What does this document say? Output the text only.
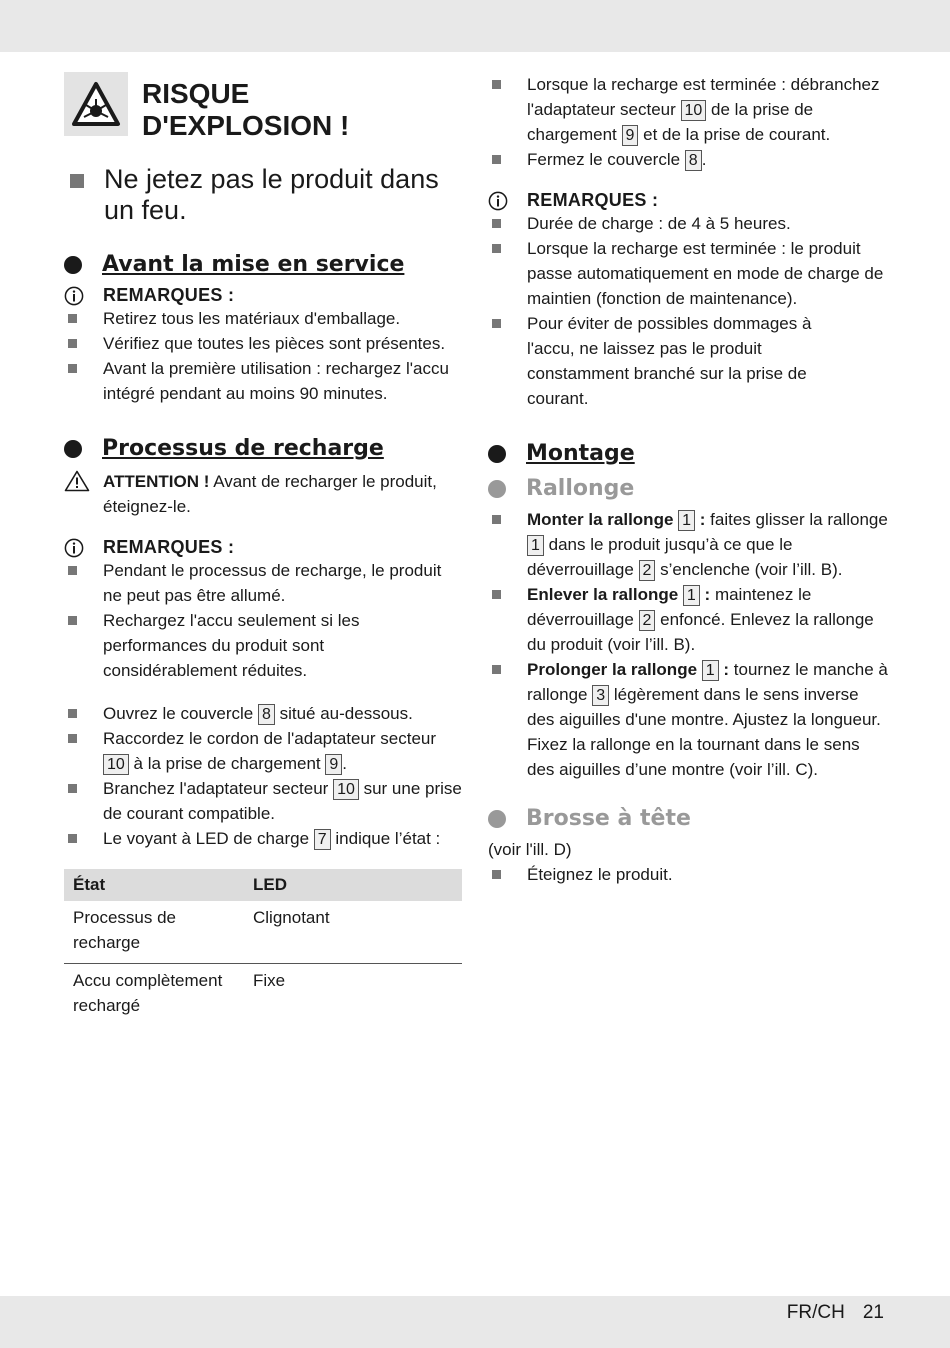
RISQUE
D'EXPLOSION !
Ne jetez pas le produit dans un feu.
Avant la mise en service
REMARQUES :
Retirez tous les matériaux d'emballage.
Vérifiez que toutes les pièces sont présentes.
Avant la première utilisation : rechargez l'accu intégré pendant au moins 90 minutes.
Processus de recharge
ATTENTION ! Avant de recharger le produit, éteignez-le.
REMARQUES :
Pendant le processus de recharge, le produit ne peut pas être allumé.
Rechargez l'accu seulement si les performances du produit sont considérablement réduites.
Ouvrez le couvercle 8 situé au-dessous.
Raccordez le cordon de l'adaptateur secteur 10 à la prise de chargement 9 .
Branchez l'adaptateur secteur 10 sur une prise de courant compatible.
Le voyant à LED de charge 7 indique l’état :
État	LED
Processus de recharge	Clignotant
Accu complètement rechargé	Fixe
Lorsque la recharge est terminée : débranchez l'adaptateur secteur 10 de la prise de chargement 9 et de la prise de courant.
Fermez le couvercle 8 .
REMARQUES :
Durée de charge : de 4 à 5 heures.
Lorsque la recharge est terminée : le produit passe automatiquement en mode de charge de maintien (fonction de maintenance).
Pour éviter de possibles dommages à l'accu, ne laissez pas le produit constamment branché sur la prise de courant.
Montage
Rallonge
Monter la rallonge 1 : faites glisser la rallonge 1 dans le produit jusqu’à ce que le déverrouillage 2 s’enclenche (voir l’ill. B).
Enlever la rallonge 1 : maintenez le déverrouillage 2 enfoncé. Enlevez la rallonge du produit (voir l’ill. B).
Prolonger la rallonge 1 : tournez le manche à rallonge 3 légèrement dans le sens inverse des aiguilles d'une montre. Ajustez la longueur. Fixez la rallonge en la tournant dans le sens des aiguilles d’une montre (voir l’ill. C).
Brosse à tête
(voir l'ill. D)
Éteignez le produit.
FR/CH 21
